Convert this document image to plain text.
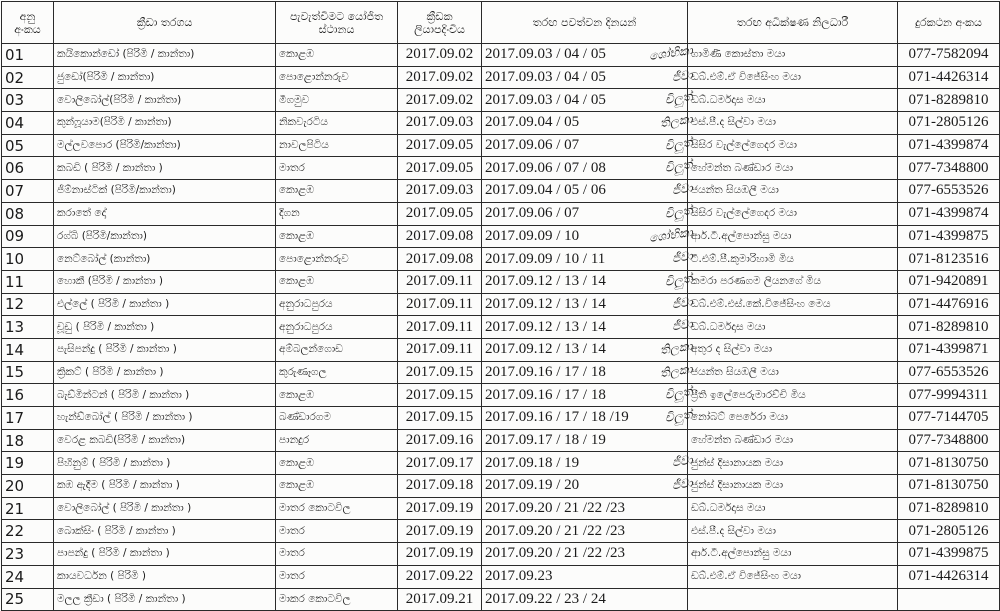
අනු අංකය	ක්‍රීඩා තරගය	පැවැත්වීමට යෝජිත ස්ථානය	ක්‍රීඩක ලියාපදිංචිය	තරඟ පවත්වන දිනයන්	තරඟ අධීක්ෂණ නිලධාරී	දුරකථන අංකය
01	කයිකොන්ඩෝ (පිරිමි / කාන්තා)	කොළඹ	2017.09.02	2017.09.03 / 04 / 05 ශෝභිකා	ගාමිණී කොස්තා මයා	077-7582094
02	ජුඩෝ(පිරිමි / කාන්තා)	පොළොන්නරුව	2017.09.02	2017.09.03 / 04 / 05 ජීවා	ඩබ්.එම්.ඒ විජේසිංහ මයා	071-4426314
03	වොලිබෝල්(පිරිමි / කාන්තා)	මීගමුව	2017.09.02	2017.09.03 / 04 / 05 චිලුත්	ඩබ්.ධර්මදාස මයා	071-8289810
04	කුන්ෆූයාම(පිරිමි / කාන්තා)	නිකවැරටිය	2017.09.03	2017.09.04 / 05 තිලකා	එස්.පී.ද සිල්වා මයා	071-2805126
05	මල්ලවපොර (පිරිමි/කාන්තා)	නාවලපිටිය	2017.09.05	2017.09.06 / 07 චිලුත්	සිසිර වැල්ලේගෙදර මයා	071-4399874
06	කබඩි ( පිරිමි / කාන්තා )	මාතර	2017.09.05	2017.09.06 / 07 / 08 චිලුත්	හේමන්ත බණ්ඩාර මයා	077-7348800
07	ජිම්නාස්ටික් (පිරිමි/කාන්තා)	කොළඹ	2017.09.03	2017.09.04 / 05 / 06 ජීවා	ජයන්ත සියඹලී මයා	077-6553526
08	කරාතේ දෝ	දිගන	2017.09.05	2017.09.06 / 07 චිලුත්	සිසිර වැල්ලේගෙදර මයා	071-4399874
09	රග්බි (පිරිමි/කාන්තා)	කොළඹ	2017.09.08	2017.09.09 / 10 ශෝභිකා	ආර්.ටී.අල්පොන්සු මයා	071-4399875
10	නෙට්බෝල් (කාන්තා)	පොළොන්නරුව	2017.09.08	2017.09.09 / 10 / 11 ජීවා	ටී.එම්.පී.කුමාරිහාමි මිය	071-8123516
11	හොකී (පිරිමි / කාන්තා )	කොළඹ	2017.09.11	2017.09.12 / 13 / 14 චිලුත්	කමරා පරණගම ලියනගේ මිය	071-9420891
12	එල්ලේ ( පිරිමි / කාන්තා )	අනුරාධපුරය	2017.09.11	2017.09.12 / 13 / 14 ජීවා	ඩබ්.එම්.එස්.කේ.විජේසිංහ මෙය	071-4476916
13	චූඩු ( පිරිමි / කාන්තා )	අනුරාධපුරය	2017.09.11	2017.09.12 / 13 / 14 ජීවා	ඩබ්.ධර්මදාස මයා	071-8289810
14	පැසිපන්දු ( පිරිමි / කාන්තා )	අම්බලන්ගොඩ	2017.09.11	2017.09.12 / 13 / 14 තිලකා	අතුර ද සිල්වා මයා	071-4399871
15	ක්‍රිකට් ( පිරිමි / කාන්තා )	කුරුණෑගල	2017.09.15	2017.09.16 / 17 / 18 තිලකා	ජයන්ත සියඹලී මයා	077-6553526
16	බැඩ්මින්ටන් ( පිරිමි / කාන්තා )	කොළඹ	2017.09.15	2017.09.16 / 17 / 18 චිලුත්	ප්‍රීති ඉලේපෙරුමාරච්චි මිය	077-9994311
17	හැන්ඩ්බෝල් ( පිරිමි / කාන්තා )	බණ්ඩාරගම	2017.09.15	2017.09.16 / 17 / 18 /19 චිලුත්	නෝබට් පෙරේරා මයා	077-7144705
18	වෙරළ කබඩි(පිරිමි / කාන්තා)	පානදුර	2017.09.16	2017.09.17 / 18 / 19	හේමන්ත බණ්ඩාර මයා	077-7348800
19	පිහිනුම් ( පිරිමි / කාන්තා )	කොළඹ	2017.09.17	2017.09.18 / 19 ජීවා	ජුන්ස් දිසානායක මයා	071-8130750
20	කඹ ඇදීම ( පිරිමි / කාන්තා )	කොළඹ	2017.09.18	2017.09.19 / 20 ජීවා	ජුන්ස් දිසානායක මයා	071-8130750
21	වොලිබෝල් ( පිරිමි / කාන්තා )	මාතර කොටවිල	2017.09.19	2017.09.20 / 21 /22 /23	ඩබ්.ධර්මදාස මයා	071-8289810
22	බොක්සිං ( පිරිමි / කාන්තා )	මාතර	2017.09.19	2017.09.20 / 21 /22 /23	එස්.පී.ද සිල්වා මයා	071-2805126
23	පාපන්දු ( පිරිමි / කාන්තා )	මාතර	2017.09.19	2017.09.20 / 21 /22 /23	ආර්.ටී.අල්පොන්සු මයා	071-4399875
24	කායවර්ධන ( පිරිමි )	මාතර	2017.09.22	2017.09.23	ඩබ්.එම්.ඒ විජේසිංහ මයා	071-4426314
25	මලල ක්‍රීඩා ( පිරිමි / කාන්තා )	මාකර කොටවිල	2017.09.21	2017.09.22 / 23 / 24
